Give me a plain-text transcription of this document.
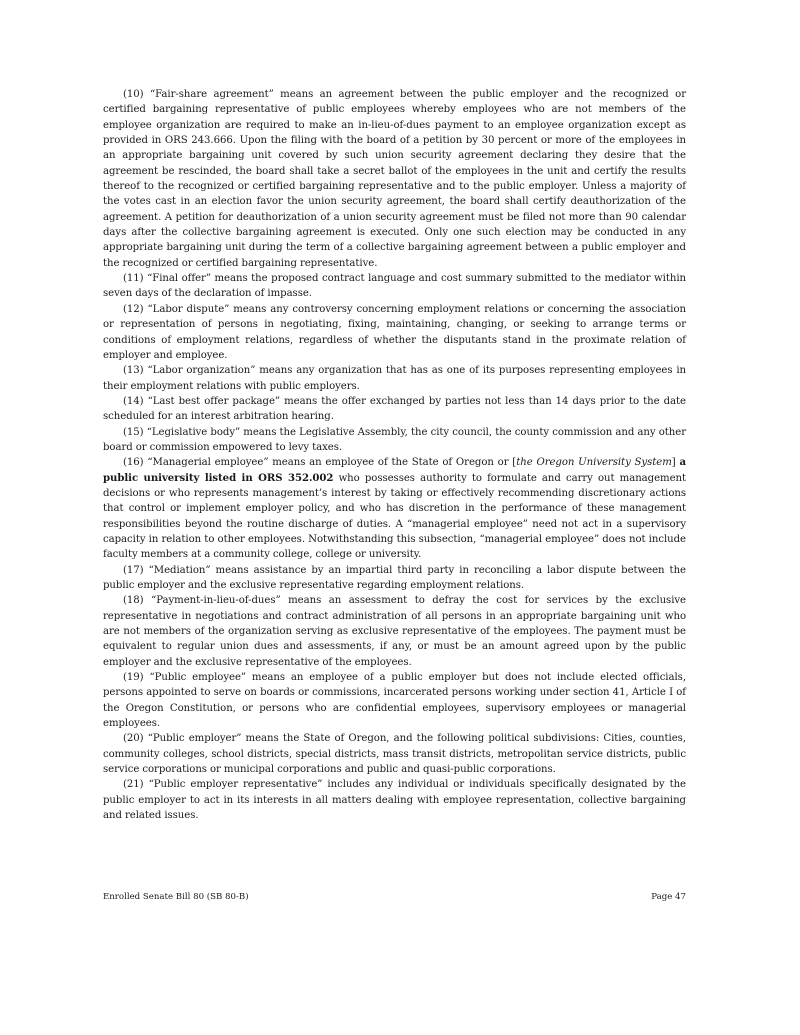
(10) “Fair-share agreement” means an agreement between the public employer and the recognized or certified bargaining representative of public employees whereby employees who are not members of the employee organization are required to make an in-lieu-of-dues payment to an employee organization except as provided in ORS 243.666. Upon the filing with the board of a petition by 30 percent or more of the employees in an appropriate bargaining unit covered by such union security agreement declaring they desire that the agreement be rescinded, the board shall take a secret ballot of the employees in the unit and certify the results thereof to the recognized or certified bargaining representative and to the public employer. Unless a majority of the votes cast in an election favor the union security agreement, the board shall certify deauthorization of the agreement. A petition for deauthorization of a union security agreement must be filed not more than 90 calendar days after the collective bargaining agreement is executed. Only one such election may be conducted in any appropriate bargaining unit during the term of a collective bargaining agreement between a public employer and the recognized or certified bargaining representative.

(11) “Final offer” means the proposed contract language and cost summary submitted to the mediator within seven days of the declaration of impasse.

(12) “Labor dispute” means any controversy concerning employment relations or concerning the association or representation of persons in negotiating, fixing, maintaining, changing, or seeking to arrange terms or conditions of employment relations, regardless of whether the disputants stand in the proximate relation of employer and employee.

(13) “Labor organization” means any organization that has as one of its purposes representing employees in their employment relations with public employers.

(14) “Last best offer package” means the offer exchanged by parties not less than 14 days prior to the date scheduled for an interest arbitration hearing.

(15) “Legislative body” means the Legislative Assembly, the city council, the county commission and any other board or commission empowered to levy taxes.

(16) “Managerial employee” means an employee of the State of Oregon or [the Oregon University System] a public university listed in ORS 352.002 who possesses authority to formulate and carry out management decisions or who represents management’s interest by taking or effectively recommending discretionary actions that control or implement employer policy, and who has discretion in the performance of these management responsibilities beyond the routine discharge of duties. A “managerial employee” need not act in a supervisory capacity in relation to other employees. Notwithstanding this subsection, “managerial employee” does not include faculty members at a community college, college or university.

(17) “Mediation” means assistance by an impartial third party in reconciling a labor dispute between the public employer and the exclusive representative regarding employment relations.

(18) “Payment-in-lieu-of-dues” means an assessment to defray the cost for services by the exclusive representative in negotiations and contract administration of all persons in an appropriate bargaining unit who are not members of the organization serving as exclusive representative of the employees. The payment must be equivalent to regular union dues and assessments, if any, or must be an amount agreed upon by the public employer and the exclusive representative of the employees.

(19) “Public employee” means an employee of a public employer but does not include elected officials, persons appointed to serve on boards or commissions, incarcerated persons working under section 41, Article I of the Oregon Constitution, or persons who are confidential employees, supervisory employees or managerial employees.

(20) “Public employer” means the State of Oregon, and the following political subdivisions: Cities, counties, community colleges, school districts, special districts, mass transit districts, metropolitan service districts, public service corporations or municipal corporations and public and quasi-public corporations.

(21) “Public employer representative” includes any individual or individuals specifically designated by the public employer to act in its interests in all matters dealing with employee representation, collective bargaining and related issues.

Enrolled Senate Bill 80 (SB 80-B)	Page 47
